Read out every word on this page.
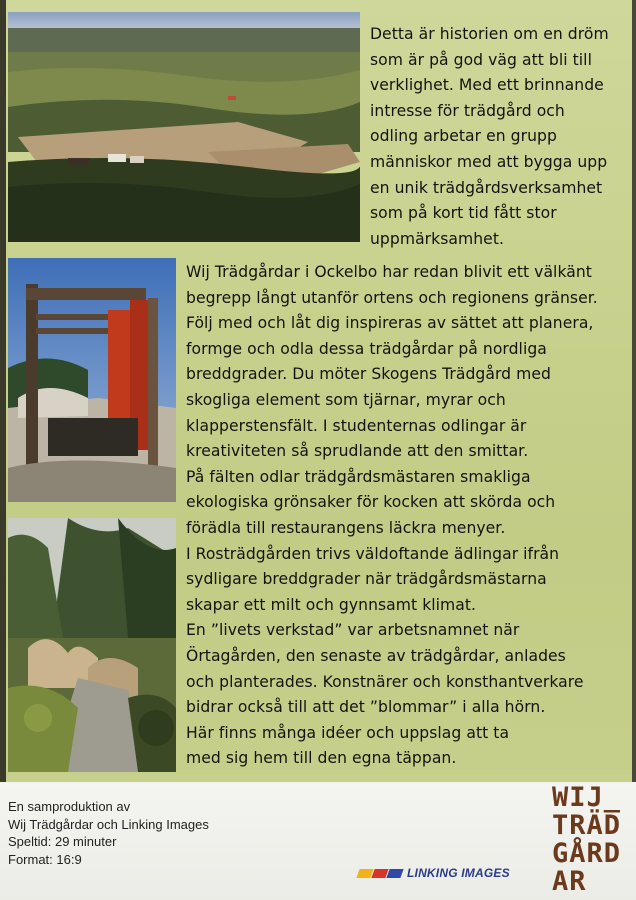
Detta är historien om en dröm
som är på god väg att bli till
verklighet. Med ett brinnande
intresse för trädgård och
odling arbetar en grupp
människor med att bygga upp
en unik trädgårdsverksamhet
som på kort tid fått stor
uppmärksamhet.
Wij Trädgårdar i Ockelbo har redan blivit ett välkänt
begrepp långt utanför ortens och regionens gränser.
Följ med och låt dig inspireras av sättet att planera,
formge och odla dessa trädgårdar på nordliga
breddgrader. Du möter Skogens Trädgård med
skogliga element som tjärnar, myrar och
klapperstensfält. I studenternas odlingar är
kreativiteten så sprudlande att den smittar.
På fälten odlar trädgårdsmästaren smakliga
ekologiska grönsaker för kocken att skörda och
förädla till restaurangens läckra menyer.
I Rosträdgården trivs väldoftande ädlingar ifrån
sydligare breddgrader när trädgårdsmästarna
skapar ett milt och gynnsamt klimat.
En ”livets verkstad” var arbetsnamnet när
Örtagården, den senaste av trädgårdar, anlades
och planterades. Konstnärer och konsthantverkare
bidrar också till att det ”blommar” i alla hörn.
Här finns många idéer och uppslag att ta
med sig hem till den egna täppan.
En samproduktion av
Wij Trädgårdar och Linking Images
Speltid: 29 minuter
Format: 16:9
LINKING IMAGES
WIJ_
TRÄD
GÅRD
AR
